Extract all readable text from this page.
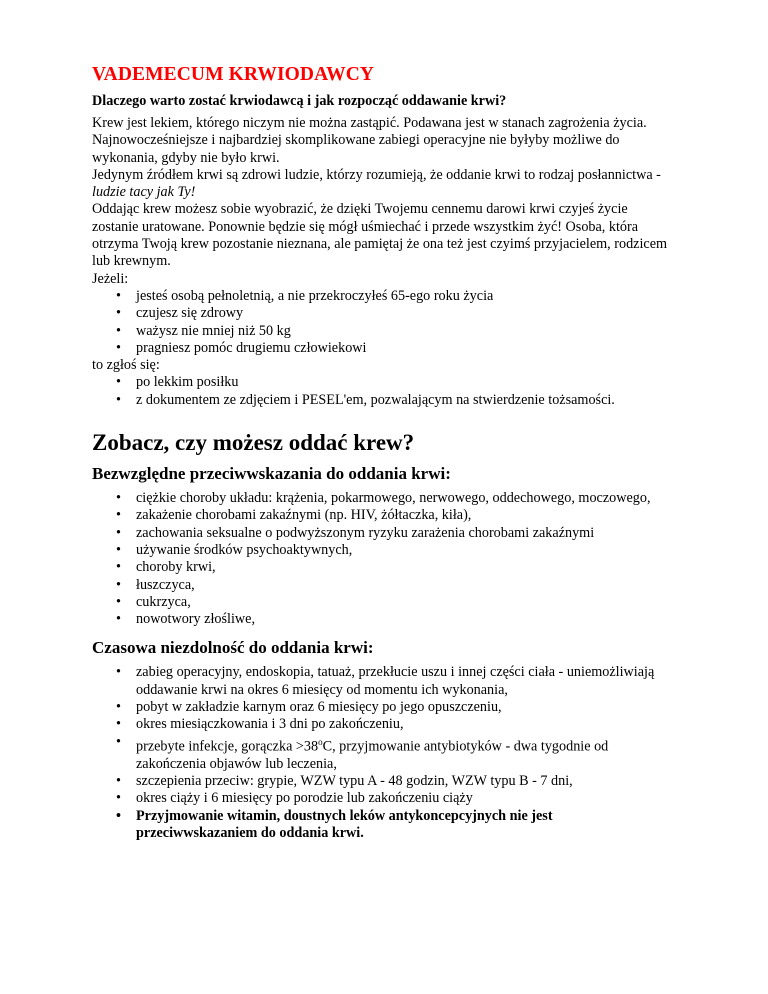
VADEMECUM KRWIODAWCY
Dlaczego warto zostać krwiodawcą i jak rozpocząć oddawanie krwi?

Krew jest lekiem, którego niczym nie można zastąpić. Podawana jest w stanach zagrożenia życia. Najnowocześniejsze i najbardziej skomplikowane zabiegi operacyjne nie byłyby możliwe do wykonania, gdyby nie było krwi.

Jedynym źródłem krwi są zdrowi ludzie, którzy rozumieją, że oddanie krwi to rodzaj posłannictwa - ludzie tacy jak Ty!

Oddając krew możesz sobie wyobrazić, że dzięki Twojemu cennemu darowi krwi czyjeś życie zostanie uratowane. Ponownie będzie się mógł uśmiechać i przede wszystkim żyć! Osoba, która otrzyma Twoją krew pozostanie nieznana, ale pamiętaj że ona też jest czyimś przyjacielem, rodzicem lub krewnym.

Jeżeli:

• jesteś osobą pełnoletnią, a nie przekroczyłeś 65-ego roku życia
• czujesz się zdrowy
• ważysz nie mniej niż 50 kg
• pragniesz pomóc drugiemu człowiekowi
to zgłoś się:
• po lekkim posiłku
• z dokumentem ze zdjęciem i PESEL'em, pozwalającym na stwierdzenie tożsamości.
Zobacz, czy możesz oddać krew?
Bezwzględne przeciwwskazania do oddania krwi:
• ciężkie choroby układu: krążenia, pokarmowego, nerwowego, oddechowego, moczowego,
• zakażenie chorobami zakaźnymi (np. HIV, żółtaczka, kiła),
• zachowania seksualne o podwyższonym ryzyku zarażenia chorobami zakaźnymi
• używanie środków psychoaktywnych,
• choroby krwi,
• łuszczyca,
• cukrzyca,
• nowotwory złośliwe,
Czasowa niezdolność do oddania krwi:
• zabieg operacyjny, endoskopia, tatuaż, przekłucie uszu i innej części ciała - uniemożliwiają oddawanie krwi na okres 6 miesięcy od momentu ich wykonania,
• pobyt w zakładzie karnym oraz 6 miesięcy po jego opuszczeniu,
• okres miesiączkowania i 3 dni po zakończeniu,
• przebyte infekcje, gorączka $>38^oC$, przyjmowanie antybiotyków - dwa tygodnie od zakończenia objawów lub leczenia,
• szczepienia przeciw: grypie, WZW typu A - 48 godzin, WZW typu B - 7 dni,
• okres ciąży i 6 miesięcy po porodzie lub zakończeniu ciąży
• Przyjmowanie witamin, doustnych leków antykoncepcyjnych nie jest przeciwwskazaniem do oddania krwi.
